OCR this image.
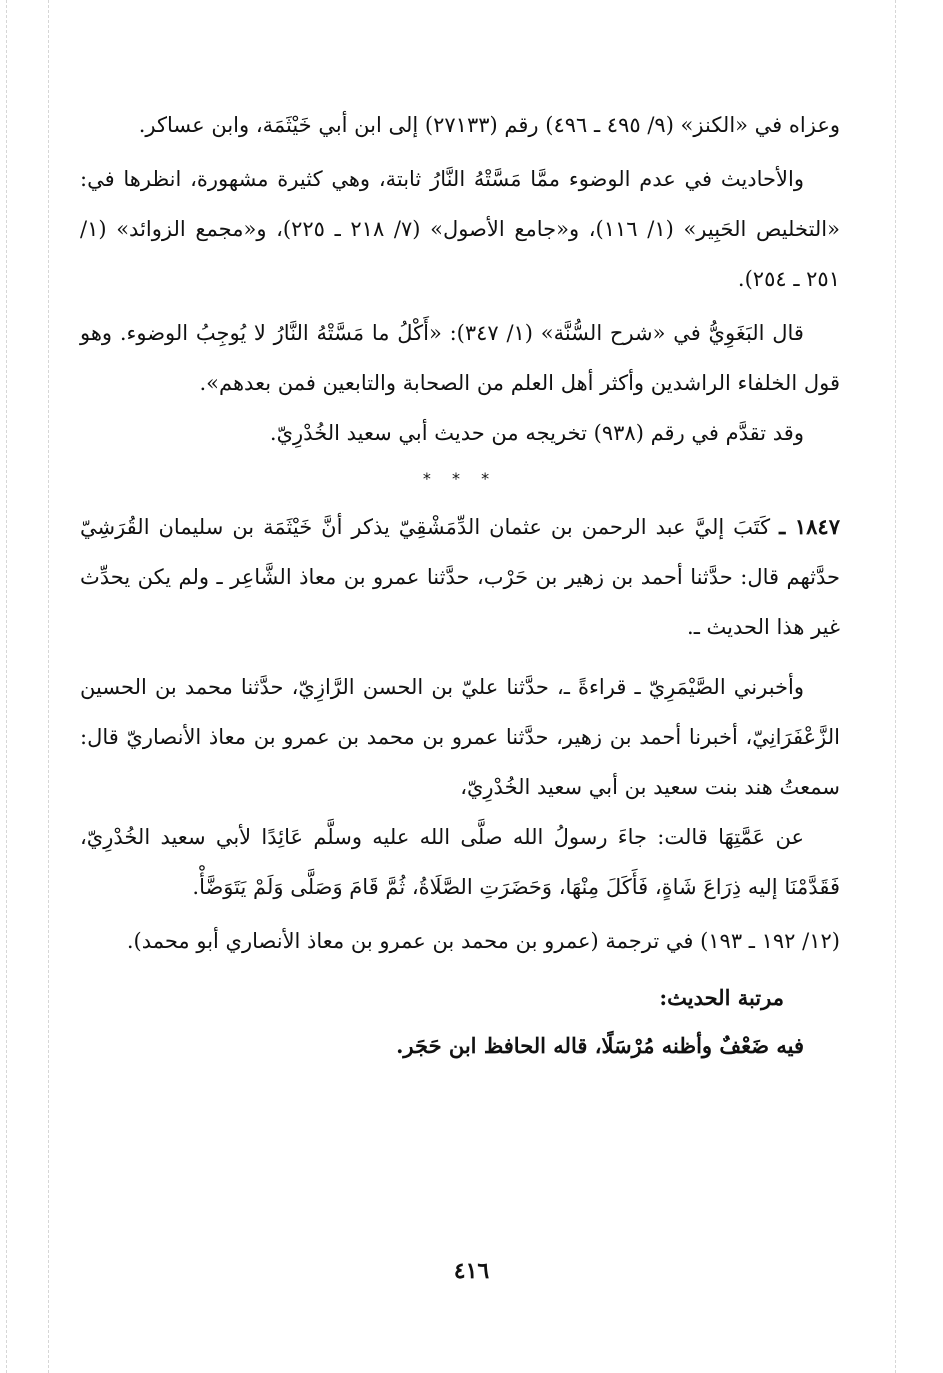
وعزاه في «الكنز» (٩/ ٤٩٥ ـ ٤٩٦) رقم (٢٧١٣٣) إلى ابن أبي خَيْثَمَة، وابن عساكر.

والأحاديث في عدم الوضوء ممَّا مَسَّتْهُ النَّارُ ثابتة، وهي كثيرة مشهورة، انظرها في: «التخليص الحَبِير» (١/ ١١٦)، و«جامع الأصول» (٧/ ٢١٨ ـ ٢٢٥)، و«مجمع الزوائد» (١/ ٢٥١ ـ ٢٥٤).

قال البَغَوِيُّ في «شرح السُّنَّة» (١/ ٣٤٧): «أَكْلُ ما مَسَّتْهُ النَّارُ لا يُوجِبُ الوضوء. وهو قول الخلفاء الراشدين وأكثر أهل العلم من الصحابة والتابعين فمن بعدهم».

وقد تقدَّم في رقم (٩٣٨) تخريجه من حديث أبي سعيد الخُدْرِيّ.

* * *

١٨٤٧ ـ كَتَبَ إليَّ عبد الرحمن بن عثمان الدِّمَشْقِيّ يذكر أنَّ خَيْثَمَة بن سليمان القُرَشِيّ حدَّثهم قال: حدَّثنا أحمد بن زهير بن حَرْب، حدَّثنا عمرو بن معاذ الشَّاعِر ـ ولم يكن يحدِّث غير هذا الحديث ـ.

وأخبرني الصَّيْمَرِيّ ـ قراءةً ـ، حدَّثنا عليّ بن الحسن الرَّازِيّ، حدَّثنا محمد بن الحسين الزَّعْفَرَانِيّ، أخبرنا أحمد بن زهير، حدَّثنا عمرو بن محمد بن عمرو بن معاذ الأنصاريّ قال: سمعتُ هند بنت سعيد بن أبي سعيد الخُدْرِيّ،

عن عَمَّتِهَا قالت: جاءَ رسولُ الله صلَّى الله عليه وسلَّم عَائِدًا لأبي سعيد الخُدْرِيّ، فَقَدَّمْنَا إليه ذِرَاعَ شَاةٍ، فَأَكَلَ مِنْهَا، وَحَضَرَتِ الصَّلَاةُ، ثُمَّ قَامَ وَصَلَّى وَلَمْ يَتَوَضَّأْ.

(١٢/ ١٩٢ ـ ١٩٣) في ترجمة (عمرو بن محمد بن عمرو بن معاذ الأنصاري أبو محمد).

مرتبة الحديث:

فيه ضَعْفٌ وأظنه مُرْسَلًا، قاله الحافظ ابن حَجَر.

٤١٦
